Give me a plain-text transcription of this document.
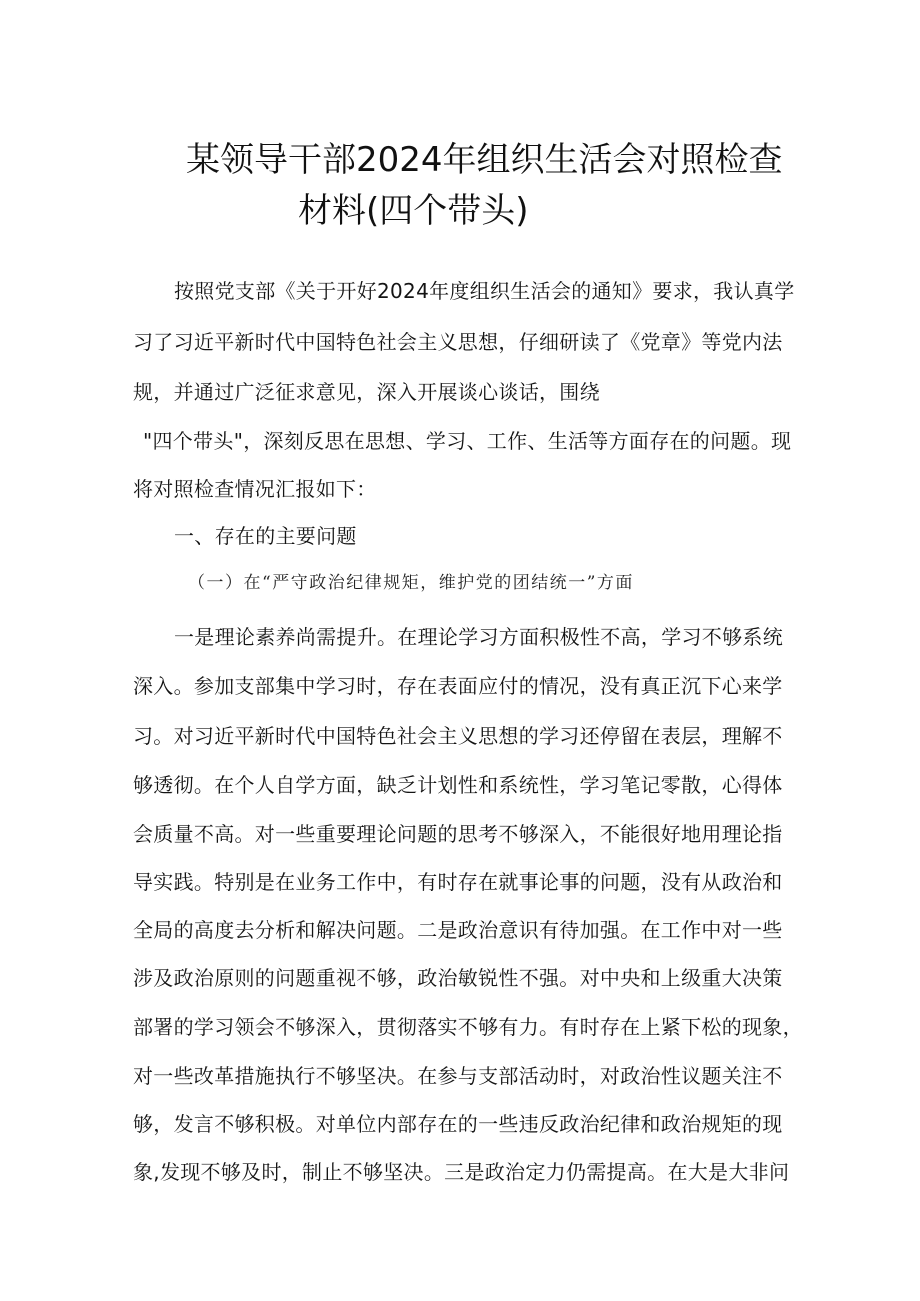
某领导干部2024年组织生活会对照检查
材料(四个带头)
按照党支部《关于开好2024年度组织生活会的通知》要求，我认真学
习了习近平新时代中国特色社会主义思想，仔细研读了《党章》等党内法
规，并通过广泛征求意见，深入开展谈心谈话，围绕
"四个带头"，深刻反思在思想、学习、工作、生活等方面存在的问题。现
将对照检查情况汇报如下：
一、存在的主要问题
（一）在“严守政治纪律规矩，维护党的团结统一”方面
一是理论素养尚需提升。在理论学习方面积极性不高，学习不够系统
深入。参加支部集中学习时，存在表面应付的情况，没有真正沉下心来学
习。对习近平新时代中国特色社会主义思想的学习还停留在表层，理解不
够透彻。在个人自学方面，缺乏计划性和系统性，学习笔记零散，心得体
会质量不高。对一些重要理论问题的思考不够深入，不能很好地用理论指
导实践。特别是在业务工作中，有时存在就事论事的问题，没有从政治和
全局的高度去分析和解决问题。二是政治意识有待加强。在工作中对一些
涉及政治原则的问题重视不够，政治敏锐性不强。对中央和上级重大决策
部署的学习领会不够深入，贯彻落实不够有力。有时存在上紧下松的现象，
对一些改革措施执行不够坚决。在参与支部活动时，对政治性议题关注不
够，发言不够积极。对单位内部存在的一些违反政治纪律和政治规矩的现
象,发现不够及时，制止不够坚决。三是政治定力仍需提高。在大是大非问
